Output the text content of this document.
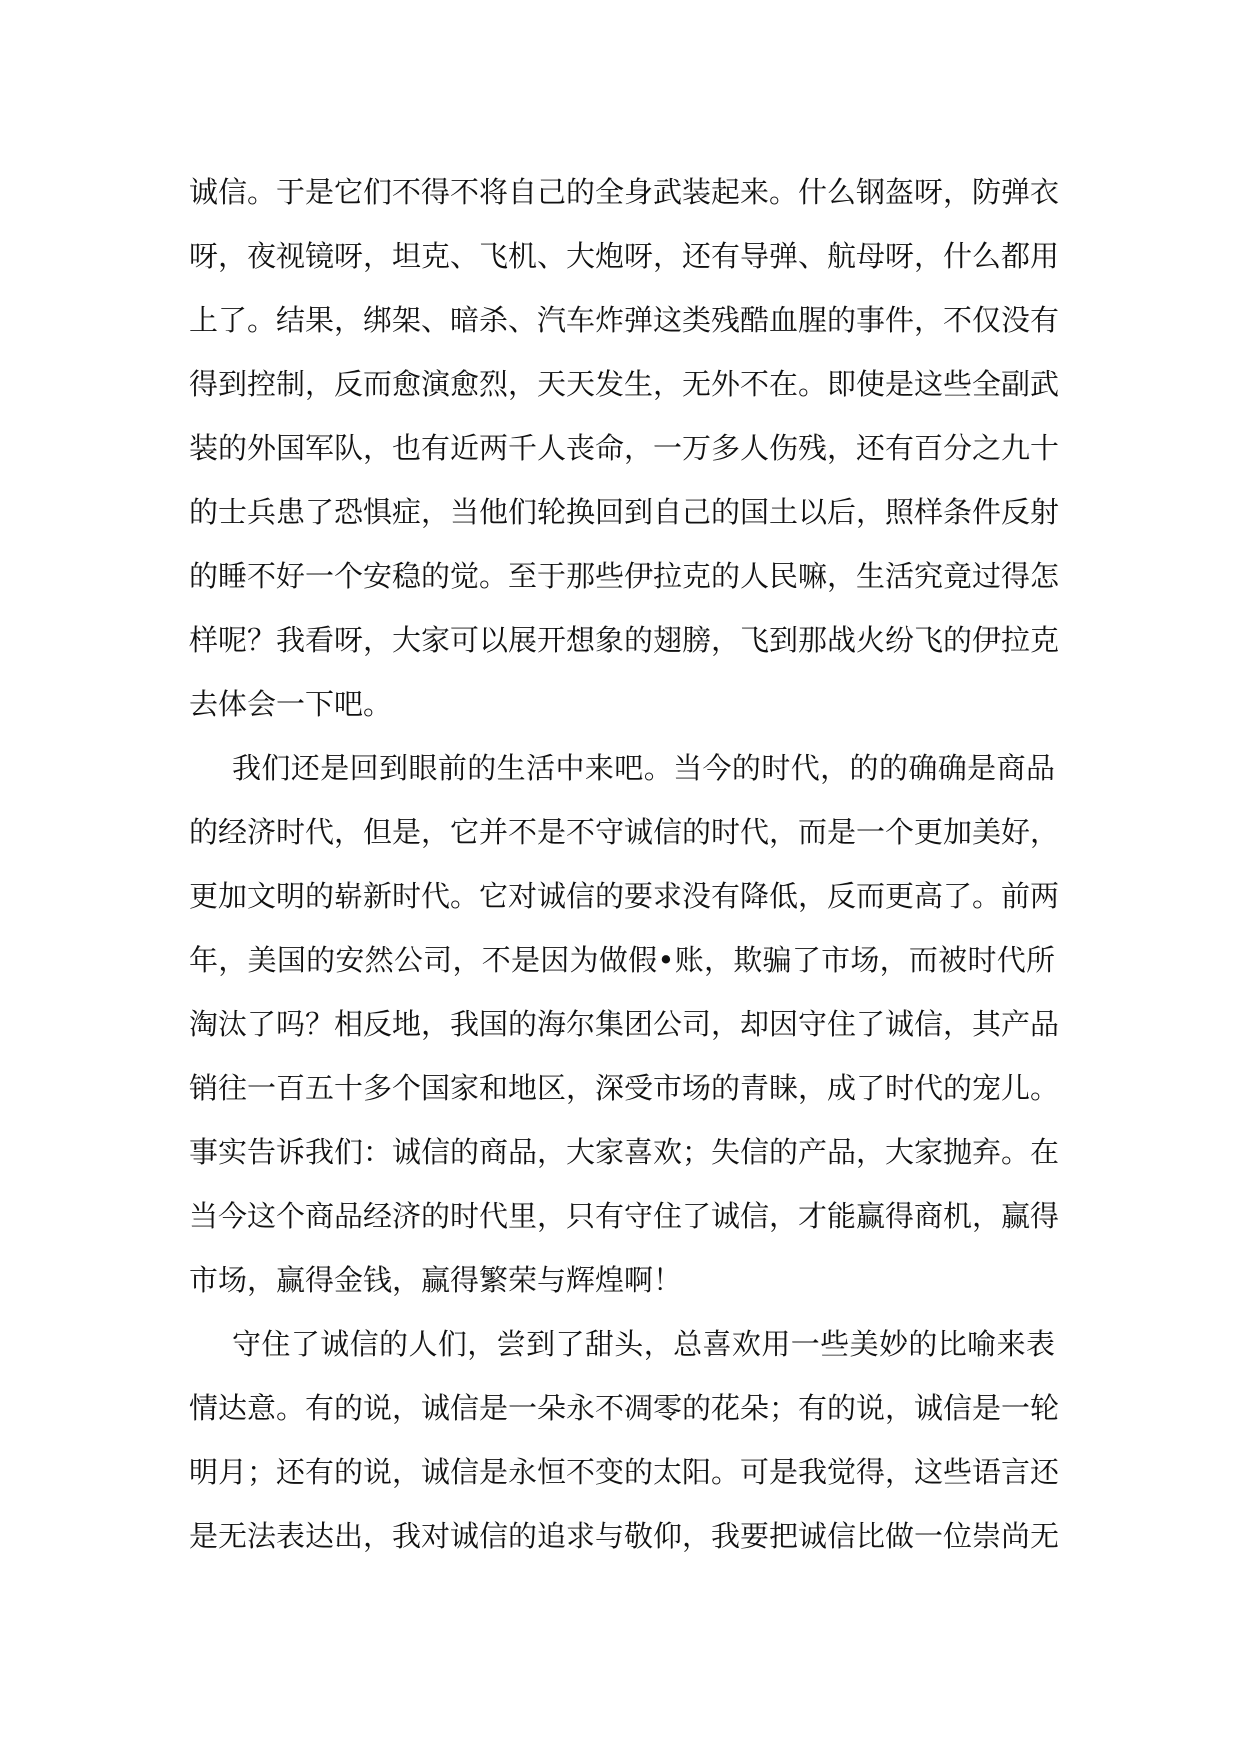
诚信。于是它们不得不将自己的全身武装起来。什么钢盔呀，防弹衣
呀，夜视镜呀，坦克、飞机、大炮呀，还有导弹、航母呀，什么都用
上了。结果，绑架、暗杀、汽车炸弹这类残酷血腥的事件，不仅没有
得到控制，反而愈演愈烈，天天发生，无外不在。即使是这些全副武
装的外国军队，也有近两千人丧命，一万多人伤残，还有百分之九十
的士兵患了恐惧症，当他们轮换回到自己的国土以后，照样条件反射
的睡不好一个安稳的觉。至于那些伊拉克的人民嘛，生活究竟过得怎
样呢？我看呀，大家可以展开想象的翅膀，飞到那战火纷飞的伊拉克
去体会一下吧。
我们还是回到眼前的生活中来吧。当今的时代，的的确确是商品
的经济时代，但是，它并不是不守诚信的时代，而是一个更加美好，
更加文明的崭新时代。它对诚信的要求没有降低，反而更高了。前两
年，美国的安然公司，不是因为做假•账，欺骗了市场，而被时代所
淘汰了吗？相反地，我国的海尔集团公司，却因守住了诚信，其产品
销往一百五十多个国家和地区，深受市场的青睐，成了时代的宠儿。
事实告诉我们：诚信的商品，大家喜欢；失信的产品，大家抛弃。在
当今这个商品经济的时代里，只有守住了诚信，才能赢得商机，赢得
市场，赢得金钱，赢得繁荣与辉煌啊！
守住了诚信的人们，尝到了甜头，总喜欢用一些美妙的比喻来表
情达意。有的说，诚信是一朵永不凋零的花朵；有的说，诚信是一轮
明月；还有的说，诚信是永恒不变的太阳。可是我觉得，这些语言还
是无法表达出，我对诚信的追求与敬仰，我要把诚信比做一位崇尚无
